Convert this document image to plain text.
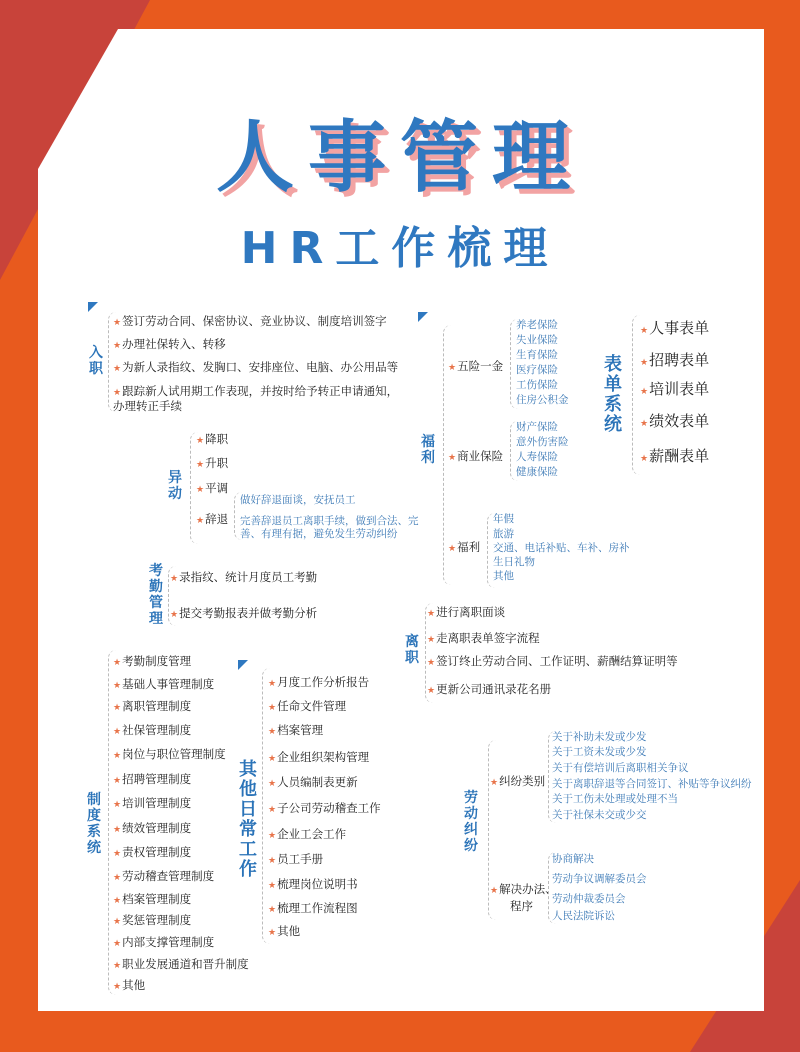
人事管理
HR工作梳理
入职
★签订劳动合同、保密协议、竞业协议、制度培训签字
★办理社保转入、转移
★为新人录指纹、发胸口、安排座位、电脑、办公用品等
★跟踪新人试用期工作表现，并按时给予转正申请通知，
办理转正手续
异动
★降职
★升职
★平调
★辞退
做好辞退面谈，安抚员工
完善辞退员工离职手续，做到合法、完
善、有理有据，避免发生劳动纠纷
考勤管理
★录指纹、统计月度员工考勤
★提交考勤报表并做考勤分析
福利
★五险一金
养老保险
失业保险
生育保险
医疗保险
工伤保险
住房公积金
★商业保险
财产保险
意外伤害险
人寿保险
健康保险
★福利
年假
旅游
交通、电话补贴、车补、房补
生日礼物
其他
表单系统
★人事表单
★招聘表单
★培训表单
★绩效表单
★薪酬表单
离职
★进行离职面谈
★走离职表单签字流程
★签订终止劳动合同、工作证明、薪酬结算证明等
★更新公司通讯录花名册
制度系统
★考勤制度管理
★基础人事管理制度
★离职管理制度
★社保管理制度
★岗位与职位管理制度
★招聘管理制度
★培训管理制度
★绩效管理制度
★责权管理制度
★劳动稽查管理制度
★档案管理制度
★奖惩管理制度
★内部支撑管理制度
★职业发展通道和晋升制度
★其他
其他日常工作
★月度工作分析报告
★任命文件管理
★档案管理
★企业组织架构管理
★人员编制表更新
★子公司劳动稽查工作
★企业工会工作
★员工手册
★梳理岗位说明书
★梳理工作流程图
★其他
劳动纠纷
★纠纷类别
关于补助未发或少发
关于工资未发或少发
关于有偿培训后离职相关争议
关于离职辞退等合同签订、补贴等争议纠纷
关于工伤未处理或处理不当
关于社保未交或少交
★解决办法、
程序
协商解决
劳动争议调解委员会
劳动仲裁委员会
人民法院诉讼
